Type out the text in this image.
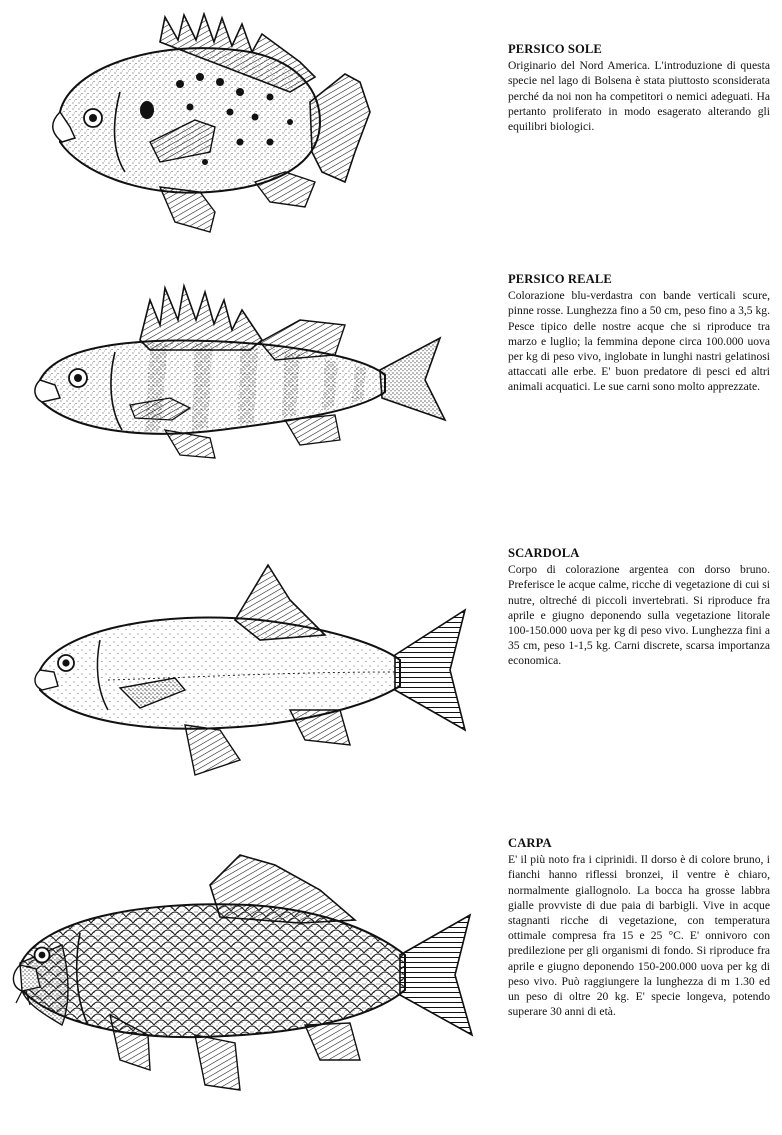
PERSICO SOLE

Originario del Nord America. L'introduzione di questa specie nel lago di Bolsena è stata piuttosto sconsiderata perché da noi non ha competitori o nemici adeguati. Ha pertanto proliferato in modo esagerato alterando gli equilibri biologici.

PERSICO REALE

Colorazione blu-verdastra con bande verticali scure, pinne rosse. Lunghezza fino a 50 cm, peso fino a 3,5 kg. Pesce tipico delle nostre acque che si riproduce tra marzo e luglio; la femmina depone circa 100.000 uova per kg di peso vivo, inglobate in lunghi nastri gelatinosi attaccati alle erbe. E' buon predatore di pesci ed altri animali acquatici. Le sue carni sono molto apprezzate.

SCARDOLA

Corpo di colorazione argentea con dorso bruno. Preferisce le acque calme, ricche di vegetazione di cui si nutre, oltreché di piccoli invertebrati. Si riproduce fra aprile e giugno deponendo sulla vegetazione litorale 100-150.000 uova per kg di peso vivo. Lunghezza fini a 35 cm, peso 1-1,5 kg. Carni discrete, scarsa importanza economica.

CARPA

E' il più noto fra i ciprinidi. Il dorso è di colore bruno, i fianchi hanno riflessi bronzei, il ventre è chiaro, normalmente giallognolo. La bocca ha grosse labbra gialle provviste di due paia di barbigli. Vive in acque stagnanti ricche di vegetazione, con temperatura ottimale compresa fra 15 e 25 °C. E' onnivoro con predilezione per gli organismi di fondo. Si riproduce fra aprile e giugno deponendo 150-200.000 uova per kg di peso vivo. Può raggiungere la lunghezza di m 1.30 ed un peso di oltre 20 kg. E' specie longeva, potendo superare 30 anni di età.
